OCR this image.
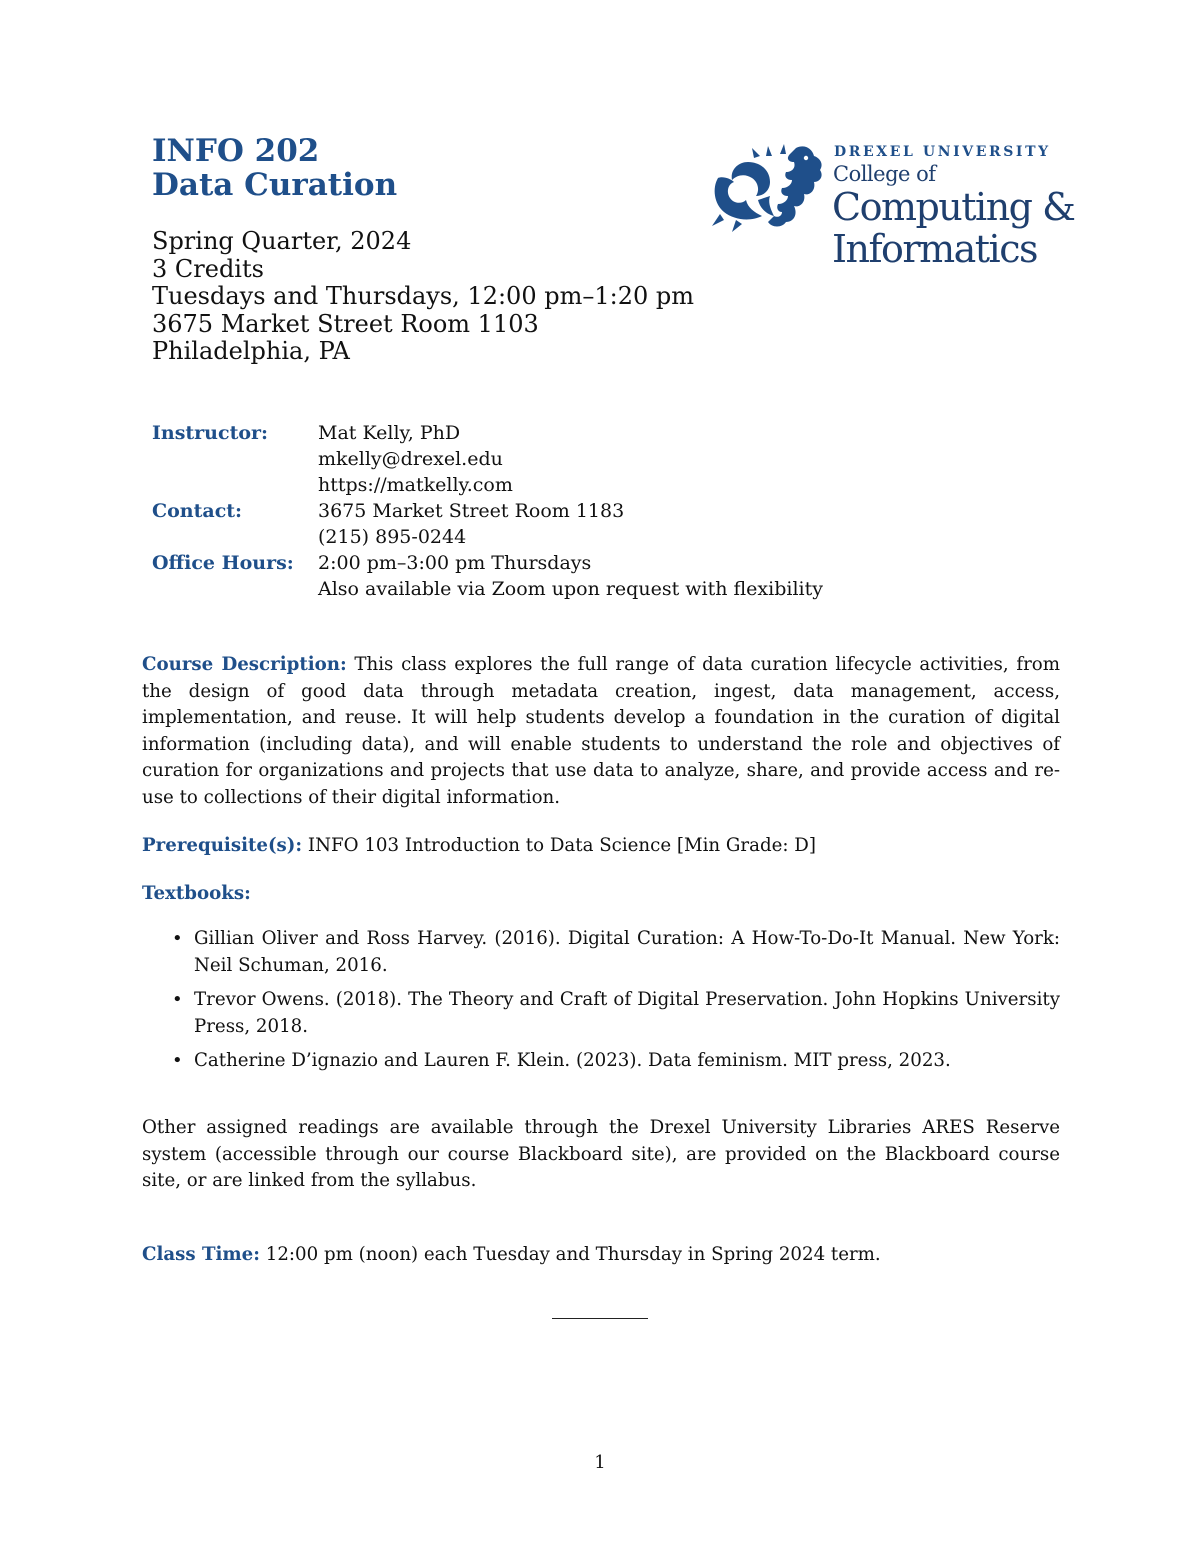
INFO 202
Data Curation
Spring Quarter, 2024
3 Credits
Tuesdays and Thursdays, 12:00 pm–1:20 pm
3675 Market Street Room 1103
Philadelphia, PA
DREXEL UNIVERSITY
College of
Computing &
Informatics
Instructor:	Mat Kelly, PhD
mkelly@drexel.edu
https://matkelly.com
Contact:	3675 Market Street Room 1183
(215) 895-0244
Office Hours:	2:00 pm–3:00 pm Thursdays
Also available via Zoom upon request with flexibility
Course Description: This class explores the full range of data curation lifecycle activities, from the design of good data through metadata creation, ingest, data management, access, implementation, and reuse. It will help students develop a foundation in the curation of digital information (including data), and will enable students to understand the role and objectives of curation for organizations and projects that use data to analyze, share, and provide access and re-use to collections of their digital information.
Prerequisite(s): INFO 103 Introduction to Data Science [Min Grade: D]
Textbooks:
• Gillian Oliver and Ross Harvey. (2016). Digital Curation: A How-To-Do-It Manual. New York: Neil Schuman, 2016.
• Trevor Owens. (2018). The Theory and Craft of Digital Preservation. John Hopkins University Press, 2018.
• Catherine D’ignazio and Lauren F. Klein. (2023). Data feminism. MIT press, 2023.
Other assigned readings are available through the Drexel University Libraries ARES Reserve system (accessible through our course Blackboard site), are provided on the Blackboard course site, or are linked from the syllabus.
Class Time: 12:00 pm (noon) each Tuesday and Thursday in Spring 2024 term.
1
